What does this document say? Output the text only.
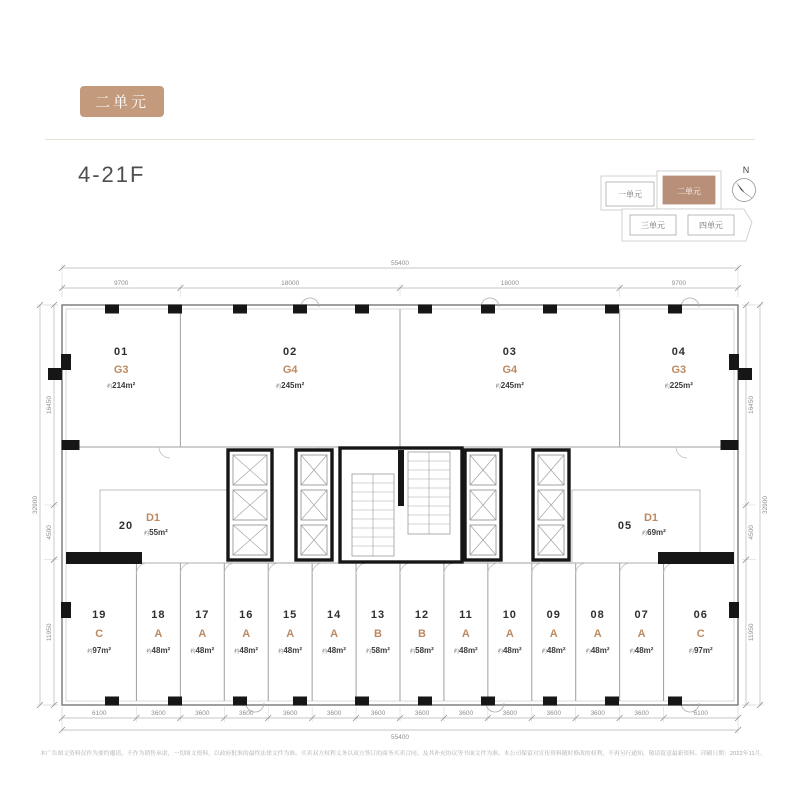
二单元
4-21F
55400
9700	18000	18000	9700
6100	3600	3600	3600	3600	3600	3600	3600	3600	3600	3600	3600	3600	6100
55400
32900
16450
4500
11950
16450
4500
11950
32900
01
G3
约214m²
02
G4
约245m²
03
G4
约245m²
04
G3
约225m²
19
C
约97m²
18
A
约48m²
17
A
约48m²
16
A
约48m²
15
A
约48m²
14
A
约48m²
13
B
约58m²
12
B
约58m²
11
A
约48m²
10
A
约48m²
09
A
约48m²
08
A
约48m²
07
A
约48m²
06
C
约97m²
20
D1
约55m²
05
D1
约69m²
一单元	二单元
三单元	四单元
N
本广告图文资料仅作为要约邀请，不作为销售承诺，一切图文资料，以政府批准的最终法律文件为准。买卖双方权利义务以双方签订的商务买卖合同、及其补充协议等书面文件为准。本公司保留对宣传资料随时修改的权利，不再另行通知，敬请留意最新资料。印刷日期：2022年11月。
